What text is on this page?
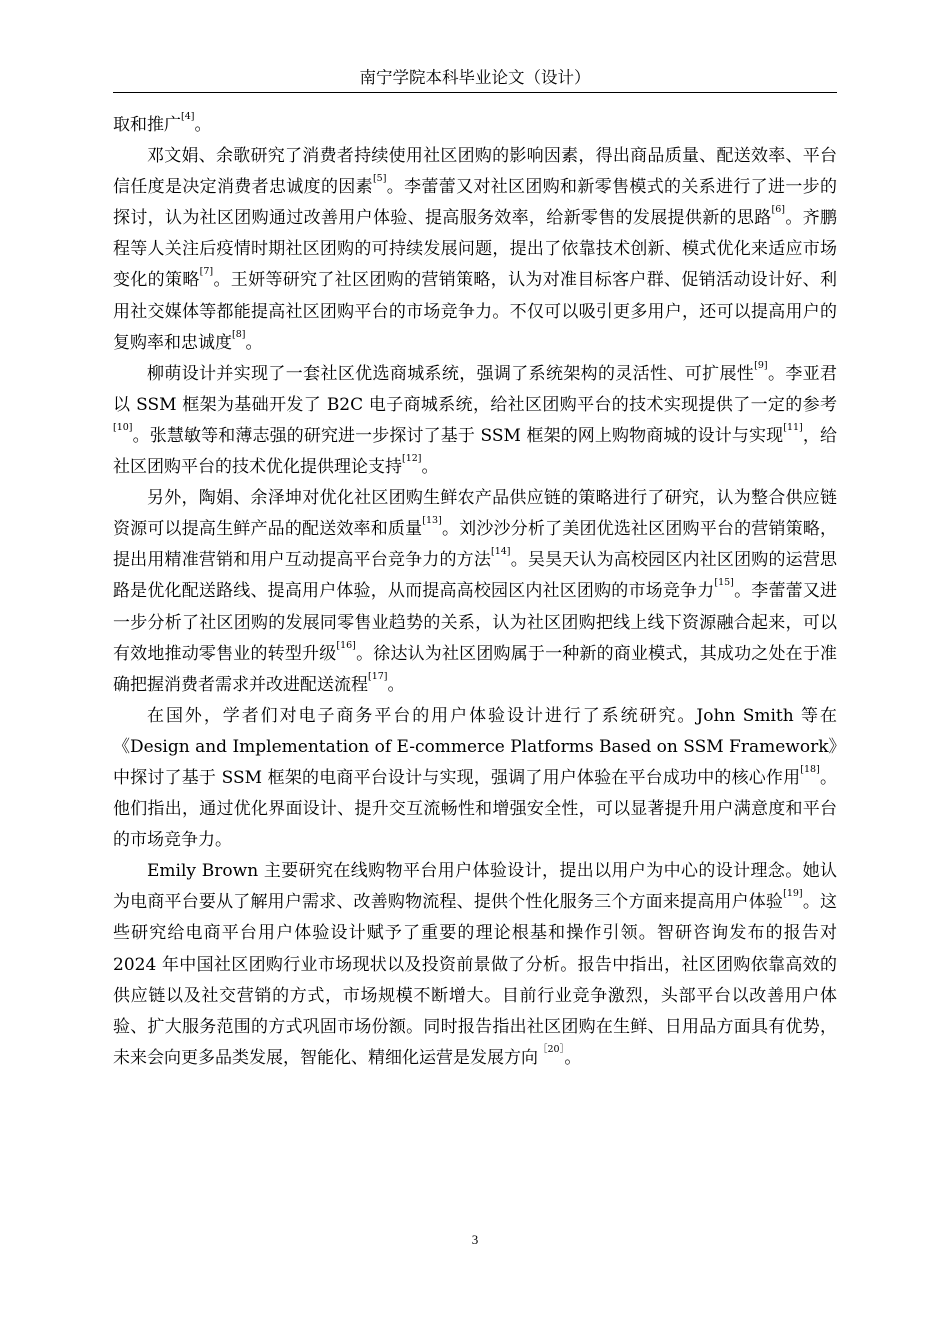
南宁学院本科毕业论文（设计）

取和推广[4]。

邓文娟、余歌研究了消费者持续使用社区团购的影响因素，得出商品质量、配送效率、平台信任度是决定消费者忠诚度的因素[5]。李蕾蕾又对社区团购和新零售模式的关系进行了进一步的探讨，认为社区团购通过改善用户体验、提高服务效率，给新零售的发展提供新的思路[6]。齐鹏程等人关注后疫情时期社区团购的可持续发展问题，提出了依靠技术创新、模式优化来适应市场变化的策略[7]。王妍等研究了社区团购的营销策略，认为对准目标客户群、促销活动设计好、利用社交媒体等都能提高社区团购平台的市场竞争力。不仅可以吸引更多用户，还可以提高用户的复购率和忠诚度[8]。

柳萌设计并实现了一套社区优选商城系统，强调了系统架构的灵活性、可扩展性[9]。李亚君以 SSM 框架为基础开发了 B2C 电子商城系统，给社区团购平台的技术实现提供了一定的参考[10]。张慧敏等和薄志强的研究进一步探讨了基于 SSM 框架的网上购物商城的设计与实现[11]，给社区团购平台的技术优化提供理论支持[12]。

另外，陶娟、余泽坤对优化社区团购生鲜农产品供应链的策略进行了研究，认为整合供应链资源可以提高生鲜产品的配送效率和质量[13]。刘沙沙分析了美团优选社区团购平台的营销策略，提出用精准营销和用户互动提高平台竞争力的方法[14]。吴昊天认为高校园区内社区团购的运营思路是优化配送路线、提高用户体验，从而提高高校园区内社区团购的市场竞争力[15]。李蕾蕾又进一步分析了社区团购的发展同零售业趋势的关系，认为社区团购把线上线下资源融合起来，可以有效地推动零售业的转型升级[16]。徐达认为社区团购属于一种新的商业模式，其成功之处在于准确把握消费者需求并改进配送流程[17]。

在国外，学者们对电子商务平台的用户体验设计进行了系统研究。John Smith 等在《Design and Implementation of E-commerce Platforms Based on SSM Framework》中探讨了基于 SSM 框架的电商平台设计与实现，强调了用户体验在平台成功中的核心作用[18]。他们指出，通过优化界面设计、提升交互流畅性和增强安全性，可以显著提升用户满意度和平台的市场竞争力。

Emily Brown 主要研究在线购物平台用户体验设计，提出以用户为中心的设计理念。她认为电商平台要从了解用户需求、改善购物流程、提供个性化服务三个方面来提高用户体验[19]。这些研究给电商平台用户体验设计赋予了重要的理论根基和操作引领。智研咨询发布的报告对 2024 年中国社区团购行业市场现状以及投资前景做了分析。报告中指出，社区团购依靠高效的供应链以及社交营销的方式，市场规模不断增大。目前行业竞争激烈，头部平台以改善用户体验、扩大服务范围的方式巩固市场份额。同时报告指出社区团购在生鲜、日用品方面具有优势，未来会向更多品类发展，智能化、精细化运营是发展方向$^{[20]}$。

3
